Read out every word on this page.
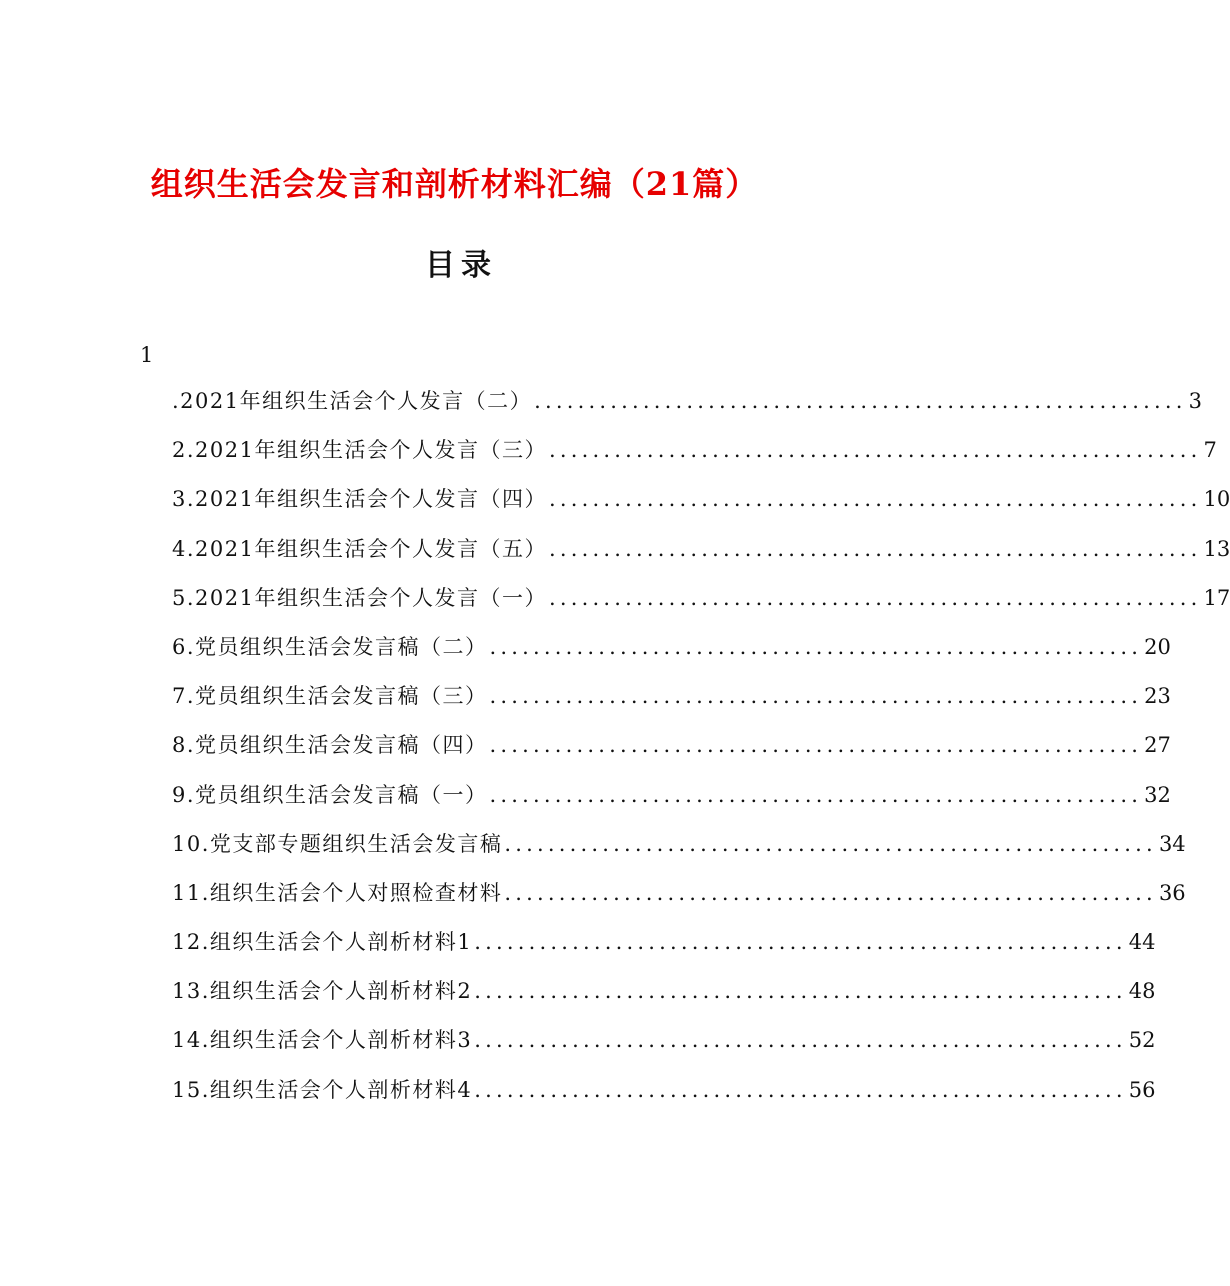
组织生活会发言和剖析材料汇编（21篇）
目录
1
.2021年组织生活会个人发言（二） ............................................................ 3
2.2021年组织生活会个人发言（三） ............................................................ 7
3.2021年组织生活会个人发言（四） ............................................................ 10
4.2021年组织生活会个人发言（五） ............................................................ 13
5.2021年组织生活会个人发言（一） ............................................................ 17
6.党员组织生活会发言稿（二） ............................................................ 20
7.党员组织生活会发言稿（三） ............................................................ 23
8.党员组织生活会发言稿（四） ............................................................ 27
9.党员组织生活会发言稿（一） ............................................................ 32
10.党支部专题组织生活会发言稿 ............................................................ 34
11.组织生活会个人对照检查材料 ............................................................ 36
12.组织生活会个人剖析材料1 ............................................................ 44
13.组织生活会个人剖析材料2 ............................................................ 48
14.组织生活会个人剖析材料3 ............................................................ 52
15.组织生活会个人剖析材料4 ............................................................ 56
